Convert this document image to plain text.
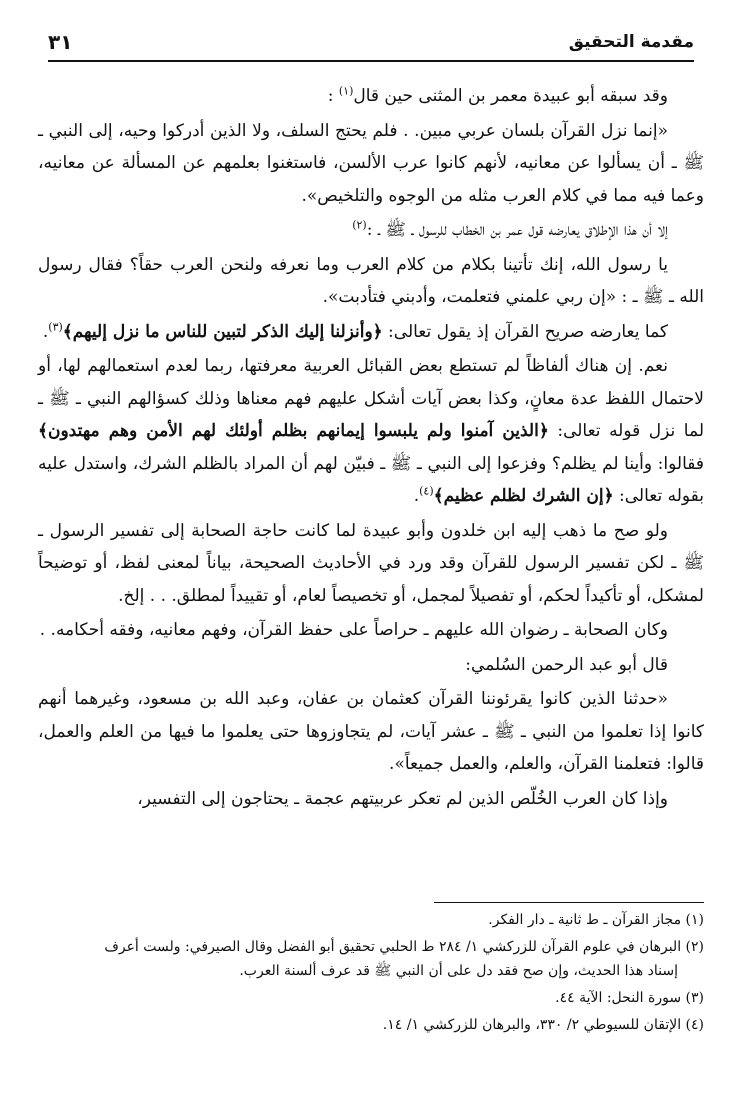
مقدمة التحقيق
٣١

وقد سبقه أبو عبيدة معمر بن المثنى حين قال$^{(١)}$ :

«إنما نزل القرآن بلسان عربي مبين. . فلم يحتج السلف، ولا الذين أدركوا وحيه، إلى النبي ـ ﷺ ـ أن يسألوا عن معانيه، لأنهم كانوا عرب الألسن، فاستغنوا بعلمهم عن المسألة عن معانيه، وعما فيه مما في كلام العرب مثله من الوجوه والتلخيص».

إلا أن هذا الإطلاق يعارضه قول عمر بن الخطاب للرسول ـ ﷺ ـ :$^{(٢)}$

يا رسول الله، إنك تأتينا بكلام من كلام العرب وما نعرفه ولنحن العرب حقاً؟ فقال رسول الله ـ ﷺ ـ : «إن ربي علمني فتعلمت، وأدبني فتأدبت».

كما يعارضه صريح القرآن إذ يقول تعالى: ﴿وأنزلنا إليك الذكر لتبين للناس ما نزل إليهم﴾$^{(٣)}$.

نعم. إن هناك ألفاظاً لم تستطع بعض القبائل العربية معرفتها، ربما لعدم استعمالهم لها، أو لاحتمال اللفظ عدة معانٍ، وكذا بعض آيات أشكل عليهم فهم معناها وذلك كسؤالهم النبي ـ ﷺ ـ لما نزل قوله تعالى: ﴿الذين آمنوا ولم يلبسوا إيمانهم بظلم أولئك لهم الأمن وهم مهتدون﴾فقالوا: وأينا لم يظلم؟ وفزعوا إلى النبي ـ ﷺ ـ فبيّن لهم أن المراد بالظلم الشرك، واستدل عليه بقوله تعالى: ﴿إن الشرك لظلم عظيم﴾$^{(٤)}$.

ولو صح ما ذهب إليه ابن خلدون وأبو عبيدة لما كانت حاجة الصحابة إلى تفسير الرسول ـ ﷺ ـ لكن تفسير الرسول للقرآن وقد ورد في الأحاديث الصحيحة، بياناً لمعنى لفظ، أو توضيحاً لمشكل، أو تأكيداً لحكم، أو تفصيلاً لمجمل، أو تخصيصاً لعام، أو تقييداً لمطلق. . . إلخ.

وكان الصحابة ـ رضوان الله عليهم ـ حراصاً على حفظ القرآن، وفهم معانيه، وفقه أحكامه. .

قال أبو عبد الرحمن السُلمي:

«حدثنا الذين كانوا يقرئوننا القرآن كعثمان بن عفان، وعبد الله بن مسعود، وغيرهما أنهم كانوا إذا تعلموا من النبي ـ ﷺ ـ عشر آيات، لم يتجاوزوها حتى يعلموا ما فيها من العلم والعمل، قالوا: فتعلمنا القرآن، والعلم، والعمل جميعاً».

وإذا كان العرب الخُلّص الذين لم تعكر عربيتهم عجمة ـ يحتاجون إلى التفسير،

(١) مجاز القرآن ـ ط ثانية ـ دار الفكر.

(٢) البرهان في علوم القرآن للزركشي ١/ ٢٨٤ ط الحلبي تحقيق أبو الفضل وقال الصيرفي: ولست أعرف
إسناد هذا الحديث، وإن صح فقد دل على أن النبي ﷺ قد عرف ألسنة العرب.

(٣) سورة النحل: الآية ٤٤.

(٤) الإتقان للسيوطي ٢/ ٣٣٠، والبرهان للزركشي ١/ ١٤.
